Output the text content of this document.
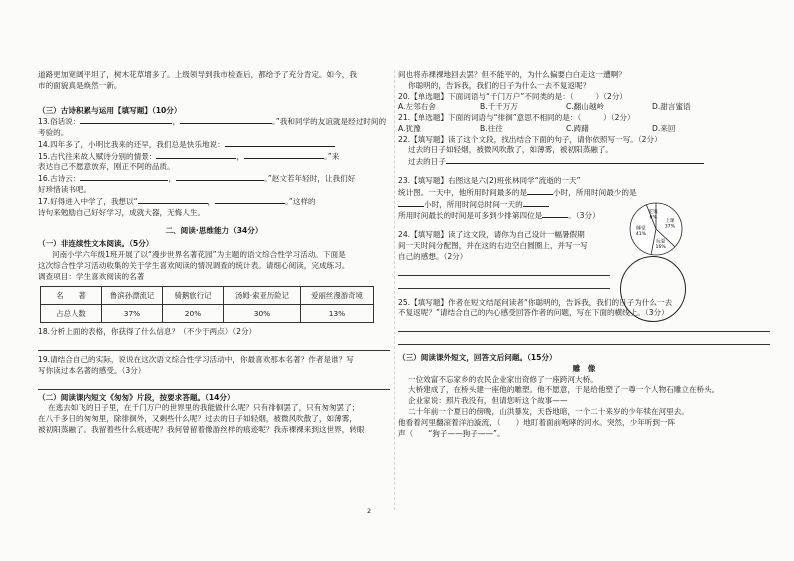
道路更加宽阔平坦了，树木花草增多了。上级领导到我市检查后，都给予了充分肯定。如今，我

市的面貌真是焕然一新。

（三）古诗积累与运用【填写题】（10分）

13.俗话说：	，	。”我和同学的友谊就是经过时间的

考验的。

14.四年多了，小明比我来的还早，我们总是快乐地说：

15.古代往来故人赋诗分别的情景：	，	。”来

表达自己不愿意放弃，刚正不阿的品质。

16.古诗云：	，	。”赵文若年轻时，让我们好

好珍惜读书吧。

17.好得进入中学了，我想以“	，	。”这样的

诗句来勉励自己好好学习，成就大器，无悔人生。

二、阅读·思维能力（34分）

（一）非连续性文本阅读。（5分）

河南小学六年级1班开展了以“漫步世界名著花园”为主题的语文综合性学习活动。下面是

这次综合性学习活动收集的关于学生喜欢阅读的情况调查的统计表。请细心阅读，完成练习。

调查项目：学生喜欢阅读的名著

名　　著	鲁滨孙漂流记	骑鹅旅行记	汤姆·索亚历险记	爱丽丝漫游奇境
占总人数	37%	20%	30%	13%

18.分析上面的表格，你获得了什么信息？（不少于两点）（2分）

19.请结合自己的实际，说说在这次语文综合性学习活动中，你最喜欢那本名著？作者是谁？写

写你读过本名著的感受。（3分）

（二）阅读课内短文《匆匆》片段，按要求答题。（14分）

在逃去如飞的日子里，在千门万户的世界里的我能做什么呢？只有徘徊罢了，只有匆匆罢了；

在八千多日的匆匆里，除徘徊外，又剩些什么呢？过去的日子如轻烟，被微风吹散了，如薄雾，

被初阳蒸融了。我留着些什么痕迹呢？我何曾留着像游丝样的痕迹呢？我赤裸裸来到这世界，转眼

间也将赤裸裸地回去罢？但不能平的，为什么偏要白白走这一遭啊？

你聪明的，告诉我，我们的日子为什么一去不复返呢？

20.【单选题】下面词语与“千门万户”不同类的是：（	）（2分）

A.左邻右舍	B.千千万万	C.翻山越岭	D.甜言蜜语

21.【单选题】下面的词语与“徘徊”意思不相同的是：（	）（2分）

A.犹豫	B.往往	C.踌躇	D.来回

22.【填写题】读了这个文段，找出结合下面的句子，请你依照写一写。（2分）

过去的日子如轻烟，被微风吹散了，如薄雾，被初阳蒸融了。

过去的日子

23.【填写题】右图这是六(2)班张林同学“流逝的一天”

统计图。一天中，他所用时间最多的是	小时，所用时间最少的是

小时，所用时间总时间一天的

所用时间最长的时间是可多到少排第四位是	。（3分）

24.【填写题】读了这文段，请你为自己设计一幅暑假期

间一天时间分配图，并在这的右边空白圆圈上，并写一写

自己的感想。（2分）

25.【填写题】作者在短文结尾问读者“你聪明的，告诉我，我们的日子为什么一去

不复返呢？”请结合自己的内心感受回答作者的问题，写在下面的横线上。（3分）

（三）阅读课外短文，回答文后问题。（15分）

雕　像

一位效富不忘家乡的农民企业家出资修了一座跨河大桥。

大桥建成了，在桥头建一座他的雕塑。他不愿意，于是给他塑了一尊一个人物石雕立在桥头。

企业家说：照片我没有，但请您听这个故事——

二十年前一个夏日的傍晚，山洪暴发，天昏地暗，一个二十来岁的少年犊在河里去。

他看着河里翻滚着洋泊漩流，（　　）地盯着面前咆哮的河水。突然，少年听到一阵

声（　　“狗子——狗子——”。

上课
37%
玩耍
16%
睡觉
41%
吃饭
6%
2
